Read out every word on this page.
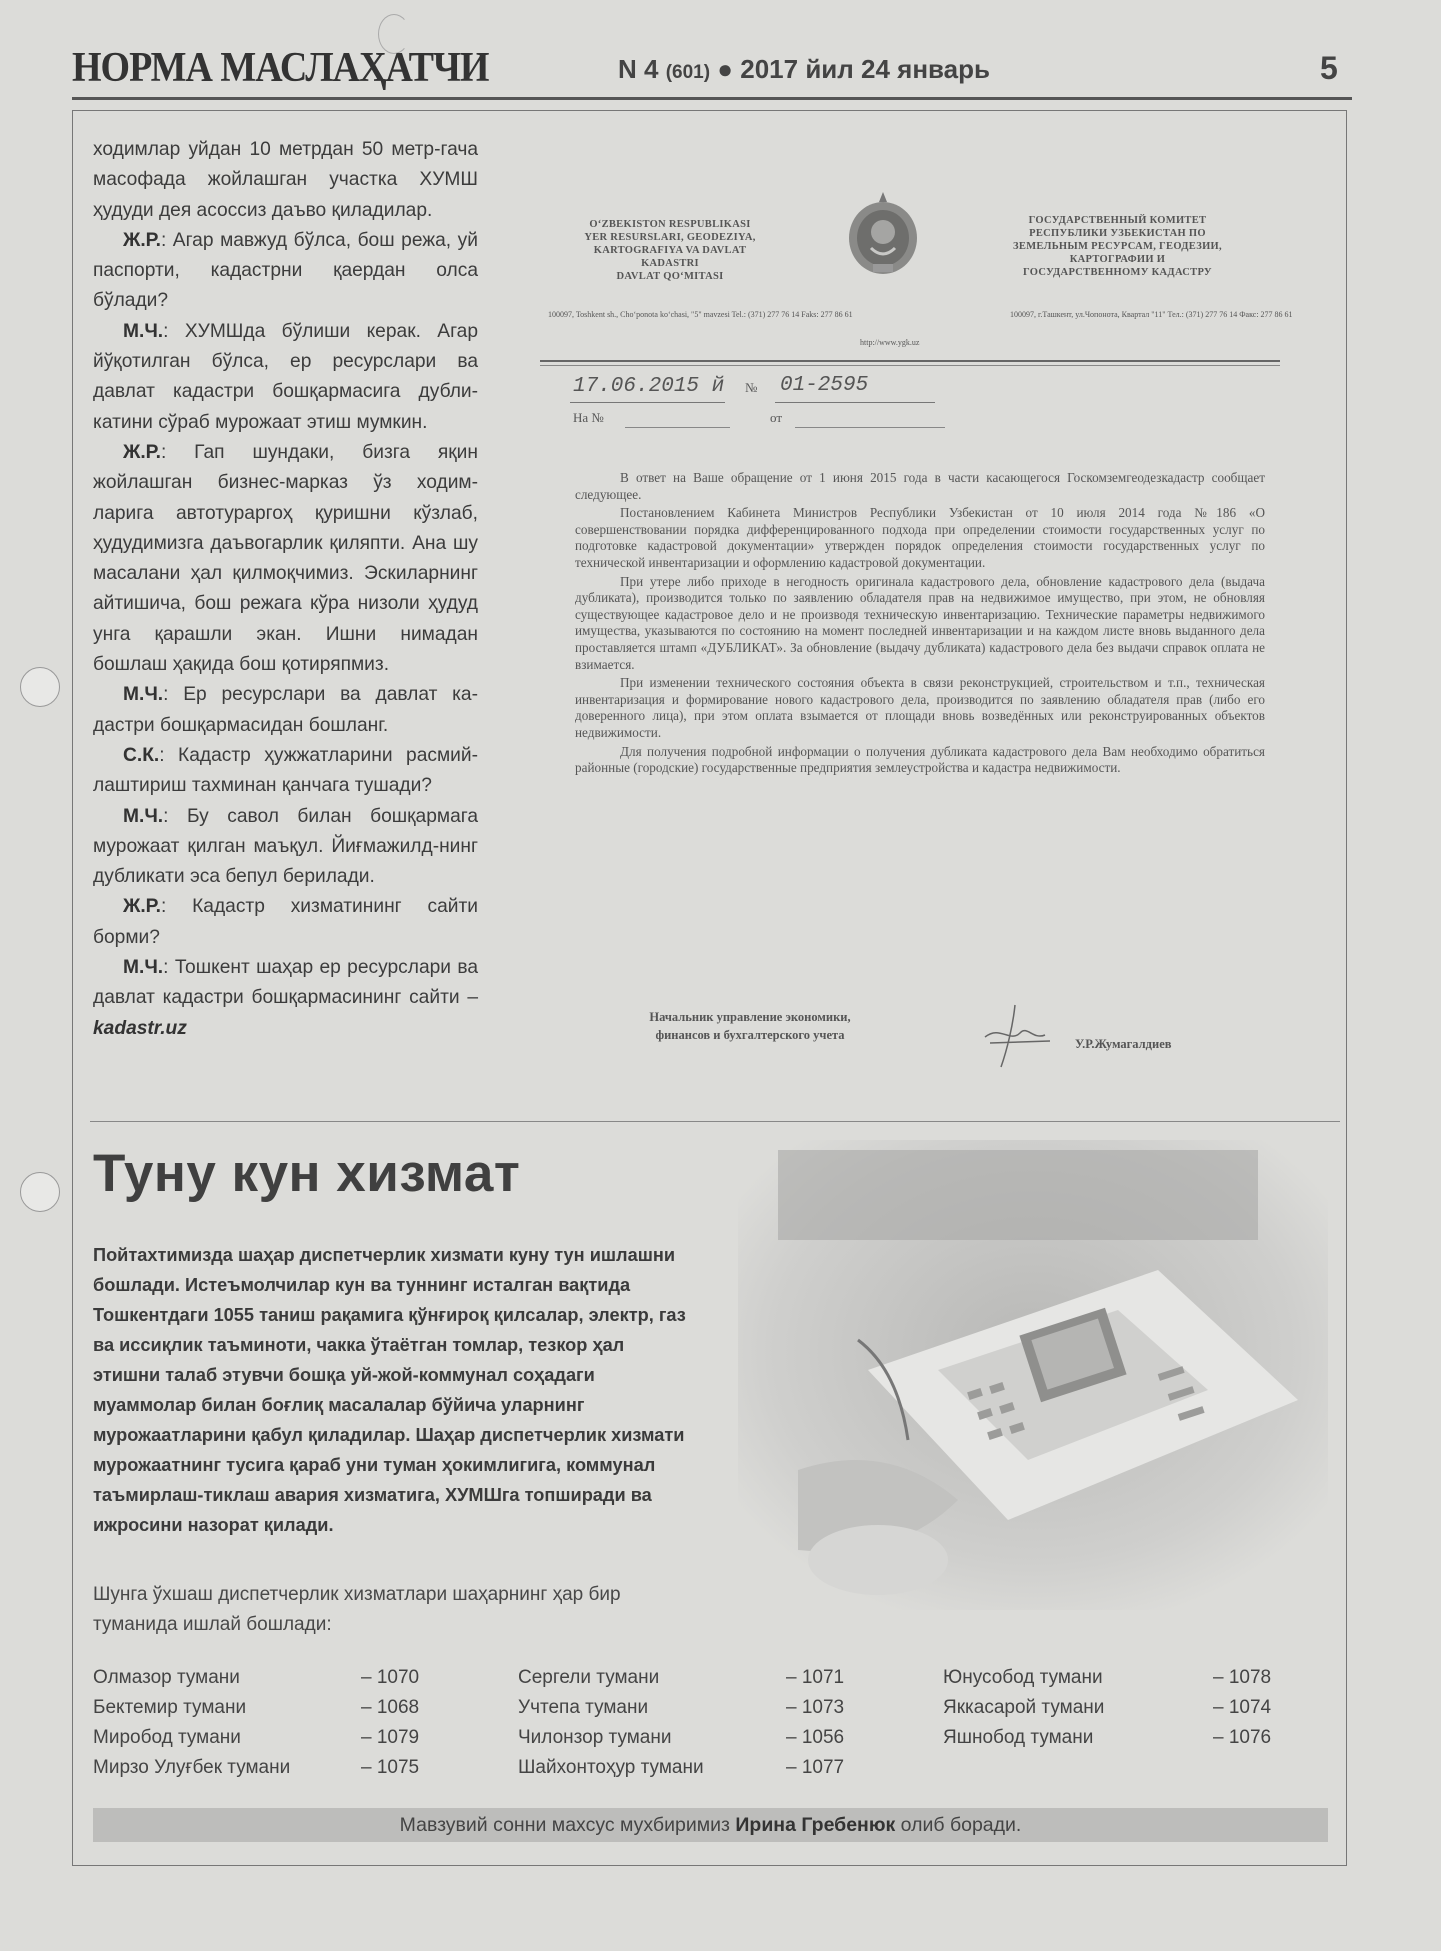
НОРМА МАСЛАҲАТЧИ	N 4 (601) ● 2017 йил 24 январь	5

ходимлар уйдан 10 метрдан 50 метр-гача масофада жойлашган участка ХУМШ ҳудуди дея асоссиз даъво қиладилар.

Ж.Р.: Агар мавжуд бўлса, бош режа, уй паспорти, кадастрни қаердан олса бўлади?

М.Ч.: ХУМШда бўлиши керак. Агар йўқотилган бўлса, ер ресурслари ва давлат кадастри бошқармасига дубли-катини сўраб мурожаат этиш мумкин.

Ж.Р.: Гап шундаки, бизга яқин жойлашган бизнес-марказ ўз ходим-ларига автотураргоҳ қуришни кўзлаб, ҳудудимизга даъвогарлик қиляпти. Ана шу масалани ҳал қилмоқчимиз. Эскиларнинг айтишича, бош режага кўра низоли ҳудуд унга қарашли экан. Ишни нимадан бошлаш ҳақида бош қотиряпмиз.

М.Ч.: Ер ресурслари ва давлат ка-дастри бошқармасидан бошланг.

С.К.: Кадастр ҳужжатларини расмий-лаштириш тахминан қанчага тушади?

М.Ч.: Бу савол билан бошқармага мурожаат қилган маъқул. Йиғмажилд-нинг дубликати эса бепул берилади.

Ж.Р.: Кадастр хизматининг сайти борми?

М.Ч.: Тошкент шаҳар ер ресурслари ва давлат кадастри бошқармасининг сайти – kadastr.uz

O‘ZBEKISTON RESPUBLIKASI
YER RESURSLARI, GEODEZIYA,
KARTOGRAFIYA VA DAVLAT
KADASTRI
DAVLAT QO‘MITASI
ГОСУДАРСТВЕННЫЙ КОМИТЕТ
РЕСПУБЛИКИ УЗБЕКИСТАН ПО
ЗЕМЕЛЬНЫМ РЕСУРСАМ, ГЕОДЕЗИИ,
КАРТОГРАФИИ И
ГОСУДАРСТВЕННОМУ КАДАСТРУ
100097, Toshkent sh., Cho‘ponota ko‘chasi, "5" mavzesi Tel.: (371) 277 76 14 Faks: 277 86 61	100097, г.Ташкент, ул.Чопонота, Квартал "11" Тел.: (371) 277 76 14 Факс: 277 86 61
http://www.ygk.uz
17.06.2015 й № 01-2595
На №	от

В ответ на Ваше обращение от 1 июня 2015 года в части касающегося Госкомземгеодезкадастр сообщает следующее.

Постановлением Кабинета Министров Республики Узбекистан от 10 июля 2014 года №186 «О совершенствовании порядка дифференцированного подхода при определении стоимости государственных услуг по подготовке кадастровой документации» утвержден порядок определения стоимости государственных услуг по технической инвентаризации и оформлению кадастровой документации.

При утере либо приходе в негодность оригинала кадастрового дела, обновление кадастрового дела (выдача дубликата), производится только по заявлению обладателя прав на недвижимое имущество, при этом, не обновляя существующее кадастровое дело и не производя техническую инвентаризацию. Технические параметры недвижимого имущества, указываются по состоянию на момент последней инвентаризации и на каждом листе вновь выданного дела проставляется штамп «ДУБЛИКАТ». За обновление (выдачу дубликата) кадастрового дела без выдачи справок оплата не взимается.

При изменении технического состояния объекта в связи реконструкцией, строительством и т.п., техническая инвентаризация и формирование нового кадастрового дела, производится по заявлению обладателя прав (либо его доверенного лица), при этом оплата взымается от площади вновь возведённых или реконструированных объектов недвижимости.

Для получения подробной информации о получения дубликата кадастрового дела Вам необходимо обратиться районные (городские) государственные предприятия землеустройства и кадастра недвижимости.

Начальник управление экономики,
финансов и бухгалтерского учета
У.Р.Жумагалдиев
Туну кун хизмат
Пойтахтимизда шаҳар диспетчерлик хизмати куну тун ишлашни бошлади. Истеъмолчилар кун ва туннинг исталган вақтида Тошкентдаги 1055 таниш рақамига қўнғироқ қилсалар, электр, газ ва иссиқлик таъминоти, чакка ўтаётган томлар, тезкор ҳал этишни талаб этувчи бошқа уй-жой-коммунал соҳадаги муаммолар билан боғлиқ масалалар бўйича уларнинг мурожаатларини қабул қиладилар. Шаҳар диспетчерлик хизмати мурожаатнинг тусига қараб уни туман ҳокимлигига, коммунал таъмирлаш-тиклаш авария хизматига, ХУМШга топширади ва ижросини назорат қилади.
Шунга ўхшаш диспетчерлик хизматлари шаҳарнинг ҳар бир туманида ишлай бошлади:
Олмазор тумани	– 1070
Бектемир тумани	– 1068
Миробод тумани	– 1079
Мирзо Улуғбек тумани	– 1075
Сергели тумани	– 1071
Учтепа тумани	– 1073
Чилонзор тумани	– 1056
Шайхонтоҳур тумани	– 1077
Юнусобод тумани	– 1078
Яккасарой тумани	– 1074
Яшнобод тумани	– 1076
Мавзувий сонни махсус мухбиримиз Ирина Гребенюк олиб боради.
